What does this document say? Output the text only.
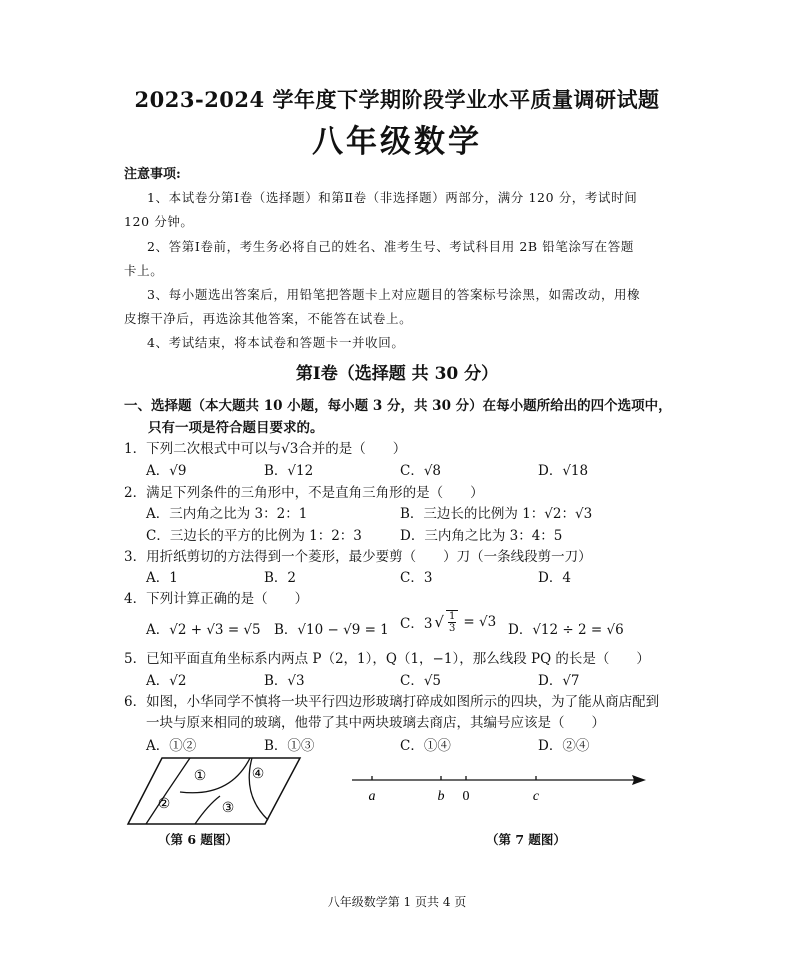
2023-2024 学年度下学期阶段学业水平质量调研试题
八年级数学
注意事项:
1、本试卷分第Ⅰ卷（选择题）和第Ⅱ卷（非选择题）两部分，满分 120 分，考试时间
120 分钟。
2、答第Ⅰ卷前，考生务必将自己的姓名、准考生号、考试科目用 2B 铅笔涂写在答题
卡上。
3、每小题选出答案后，用铅笔把答题卡上对应题目的答案标号涂黑，如需改动，用橡
皮擦干净后，再选涂其他答案，不能答在试卷上。
4、考试结束，将本试卷和答题卡一并收回。
第Ⅰ卷（选择题 共 30 分）
一、选择题（本大题共 10 小题，每小题 3 分，共 30 分）在每小题所给出的四个选项中，
只有一项是符合题目要求的。
1．下列二次根式中可以与√3合并的是（　　）
A．√9	B．√12	C．√8	D．√18
2．满足下列条件的三角形中，不是直角三角形的是（　　）
A．三内角之比为 3：2：1	B．三边长的比例为 1：√2：√3
C．三边长的平方的比例为 1：2：3	D．三内角之比为 3：4：5
3．用折纸剪切的方法得到一个菱形，最少要剪（　　）刀（一条线段剪一刀）
A．1	B．2	C．3	D．4
4．下列计算正确的是（　　）
A．√2 + √3 = √5 B．√10 − √9 = 1 C．3 √ $\frac{1}{3} = √3$ D．√12 ÷ 2 = √6
5．已知平面直角坐标系内两点 P（2，1），Q（1，−1），那么线段 PQ 的长是（　　）
A．√2	B．√3	C．√5	D．√7
6．如图，小华同学不慎将一块平行四边形玻璃打碎成如图所示的四块，为了能从商店配到
一块与原来相同的玻璃，他带了其中两块玻璃去商店，其编号应该是（　　）
A．①②	B．①③	C．①④	D．②④
①	④
②	③
（第 6 题图）
a	b 0	c
（第 7 题图）
八年级数学第 1 页共 4 页
